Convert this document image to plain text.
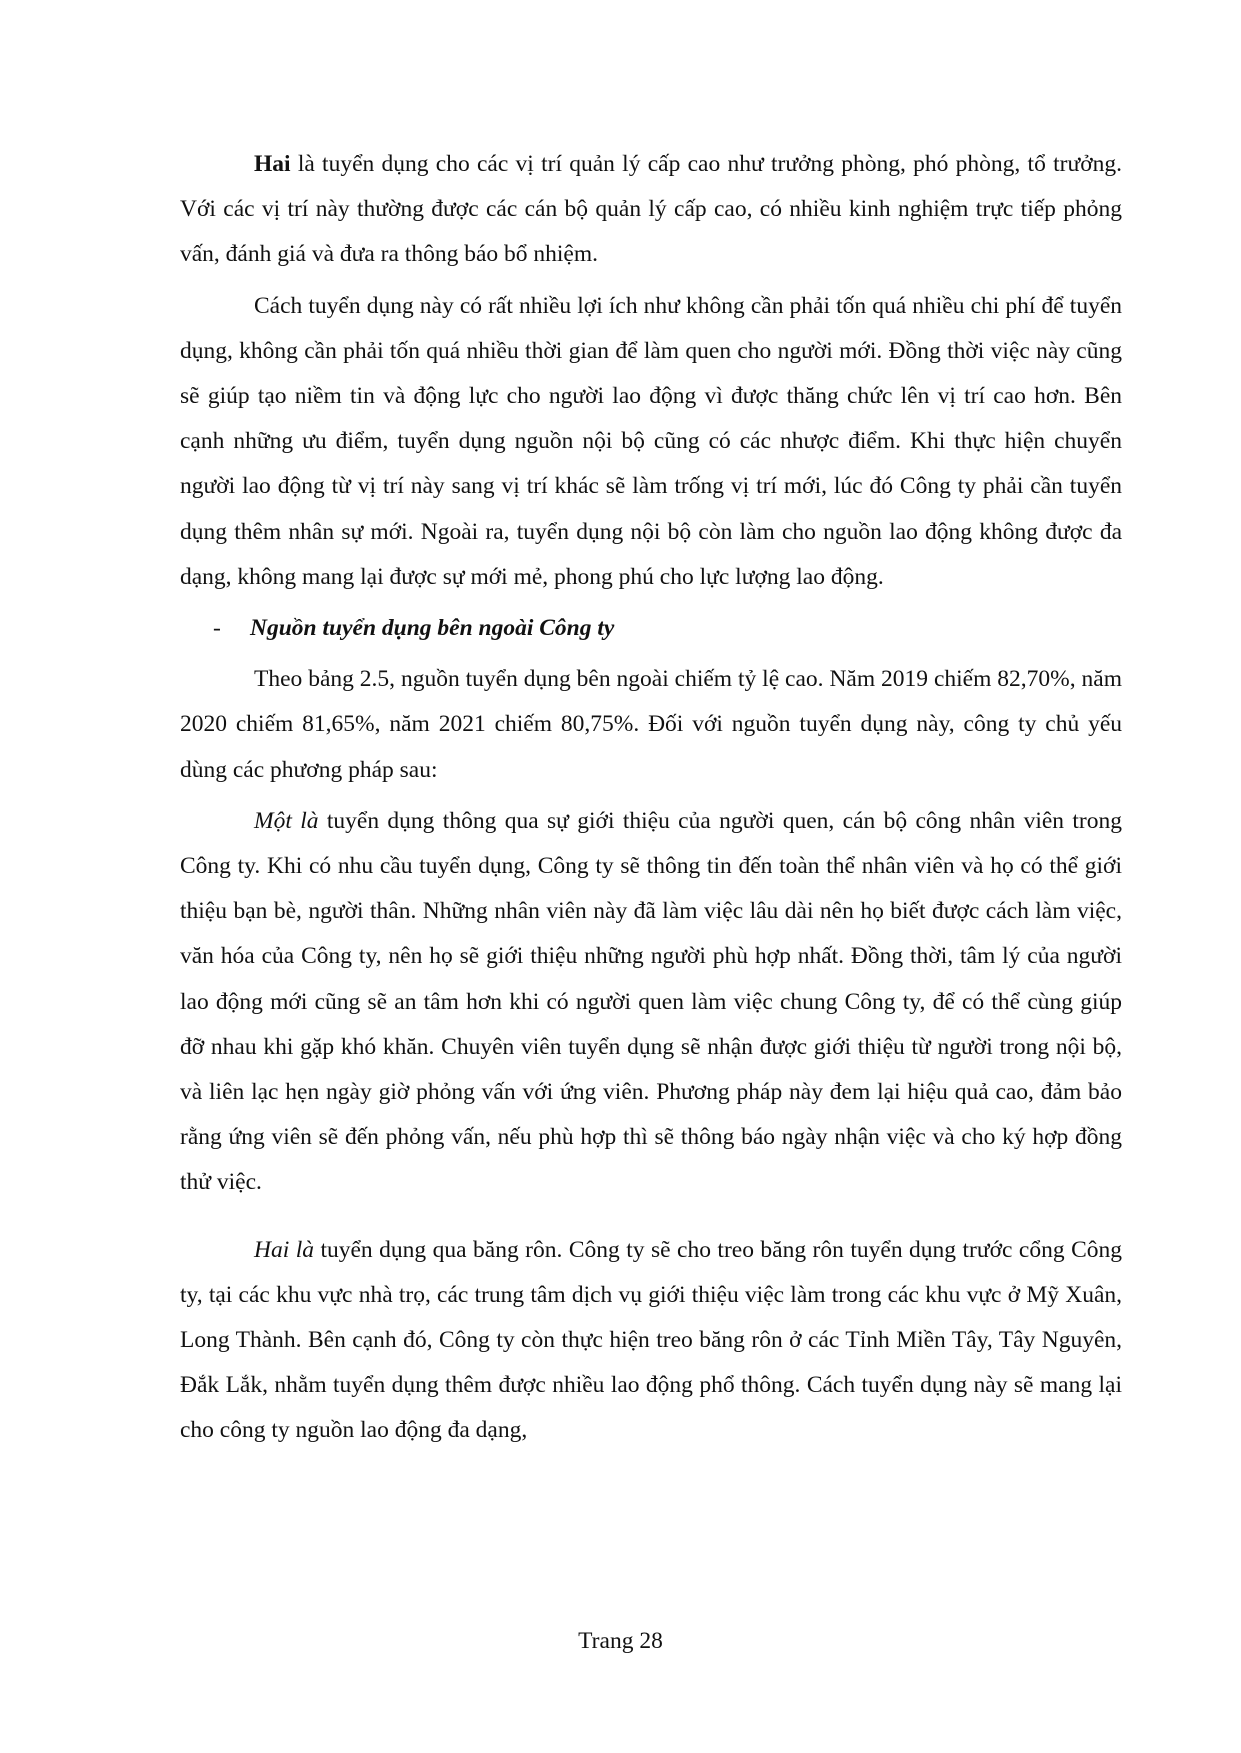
Hai là tuyển dụng cho các vị trí quản lý cấp cao như trưởng phòng, phó phòng, tổ trưởng. Với các vị trí này thường được các cán bộ quản lý cấp cao, có nhiều kinh nghiệm trực tiếp phỏng vấn, đánh giá và đưa ra thông báo bổ nhiệm.

Cách tuyển dụng này có rất nhiều lợi ích như không cần phải tốn quá nhiều chi phí để tuyển dụng, không cần phải tốn quá nhiều thời gian để làm quen cho người mới. Đồng thời việc này cũng sẽ giúp tạo niềm tin và động lực cho người lao động vì được thăng chức lên vị trí cao hơn. Bên cạnh những ưu điểm, tuyển dụng nguồn nội bộ cũng có các nhược điểm. Khi thực hiện chuyển người lao động từ vị trí này sang vị trí khác sẽ làm trống vị trí mới, lúc đó Công ty phải cần tuyển dụng thêm nhân sự mới. Ngoài ra, tuyển dụng nội bộ còn làm cho nguồn lao động không được đa dạng, không mang lại được sự mới mẻ, phong phú cho lực lượng lao động.

-	Nguồn tuyển dụng bên ngoài Công ty

Theo bảng 2.5, nguồn tuyển dụng bên ngoài chiếm tỷ lệ cao. Năm 2019 chiếm 82,70%, năm 2020 chiếm 81,65%, năm 2021 chiếm 80,75%. Đối với nguồn tuyển dụng này, công ty chủ yếu dùng các phương pháp sau:

Một là tuyển dụng thông qua sự giới thiệu của người quen, cán bộ công nhân viên trong Công ty. Khi có nhu cầu tuyển dụng, Công ty sẽ thông tin đến toàn thể nhân viên và họ có thể giới thiệu bạn bè, người thân. Những nhân viên này đã làm việc lâu dài nên họ biết được cách làm việc, văn hóa của Công ty, nên họ sẽ giới thiệu những người phù hợp nhất. Đồng thời, tâm lý của người lao động mới cũng sẽ an tâm hơn khi có người quen làm việc chung Công ty, để có thể cùng giúp đỡ nhau khi gặp khó khăn. Chuyên viên tuyển dụng sẽ nhận được giới thiệu từ người trong nội bộ, và liên lạc hẹn ngày giờ phỏng vấn với ứng viên. Phương pháp này đem lại hiệu quả cao, đảm bảo rằng ứng viên sẽ đến phỏng vấn, nếu phù hợp thì sẽ thông báo ngày nhận việc và cho ký hợp đồng thử việc.

Hai là tuyển dụng qua băng rôn. Công ty sẽ cho treo băng rôn tuyển dụng trước cổng Công ty, tại các khu vực nhà trọ, các trung tâm dịch vụ giới thiệu việc làm trong các khu vực ở Mỹ Xuân, Long Thành. Bên cạnh đó, Công ty còn thực hiện treo băng rôn ở các Tỉnh Miền Tây, Tây Nguyên, Đắk Lắk, nhằm tuyển dụng thêm được nhiều lao động phổ thông. Cách tuyển dụng này sẽ mang lại cho công ty nguồn lao động đa dạng,

Trang 28
